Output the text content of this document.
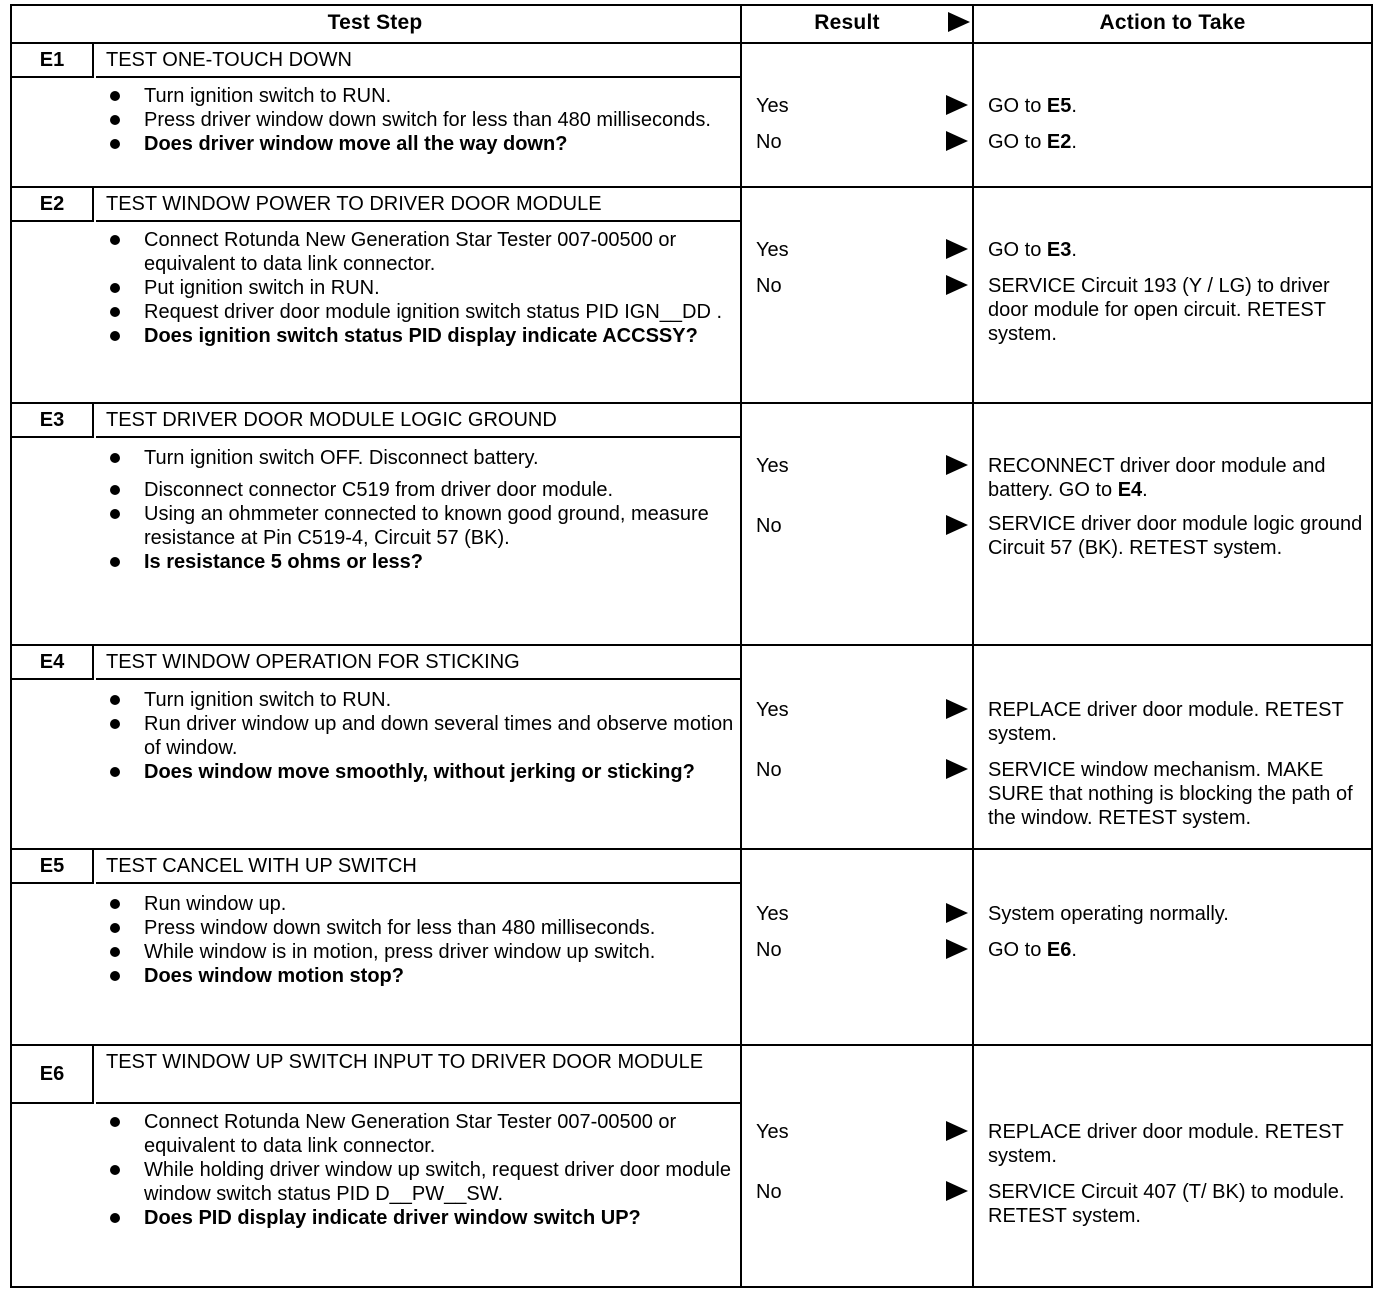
Test Step	Result	Action to Take
E1	TEST ONE-TOUCH DOWN
Turn ignition switch to RUN.
Press driver window down switch for less than 480 milliseconds.
Does driver window move all the way down?
Yes	GO to E5.
No	GO to E2.
E2	TEST WINDOW POWER TO DRIVER DOOR MODULE
Connect Rotunda New Generation Star Tester 007-00500 or equivalent to data link connector.
Put ignition switch in RUN.
Request driver door module ignition switch status PID IGN__DD .
Does ignition switch status PID display indicate ACCSSY?
Yes	GO to E3.
No	SERVICE Circuit 193 (Y / LG) to driver door module for open circuit. RETEST system.
E3	TEST DRIVER DOOR MODULE LOGIC GROUND
Turn ignition switch OFF. Disconnect battery.
Disconnect connector C519 from driver door module.
Using an ohmmeter connected to known good ground, measure resistance at Pin C519-4, Circuit 57 (BK).
Is resistance 5 ohms or less?
Yes	RECONNECT driver door module and battery. GO to E4.
No	SERVICE driver door module logic ground Circuit 57 (BK). RETEST system.
E4	TEST WINDOW OPERATION FOR STICKING
Turn ignition switch to RUN.
Run driver window up and down several times and observe motion of window.
Does window move smoothly, without jerking or sticking?
Yes	REPLACE driver door module. RETEST system.
No	SERVICE window mechanism. MAKE SURE that nothing is blocking the path of the window. RETEST system.
E5	TEST CANCEL WITH UP SWITCH
Run window up.
Press window down switch for less than 480 milliseconds.
While window is in motion, press driver window up switch.
Does window motion stop?
Yes	System operating normally.
No	GO to E6.
E6
TEST WINDOW UP SWITCH INPUT TO DRIVER DOOR MODULE
Connect Rotunda New Generation Star Tester 007-00500 or equivalent to data link connector.
While holding driver window up switch, request driver door module window switch status PID D__PW__SW.
Does PID display indicate driver window switch UP?
Yes	REPLACE driver door module. RETEST system.
No	SERVICE Circuit 407 (T/ BK) to module. RETEST system.
